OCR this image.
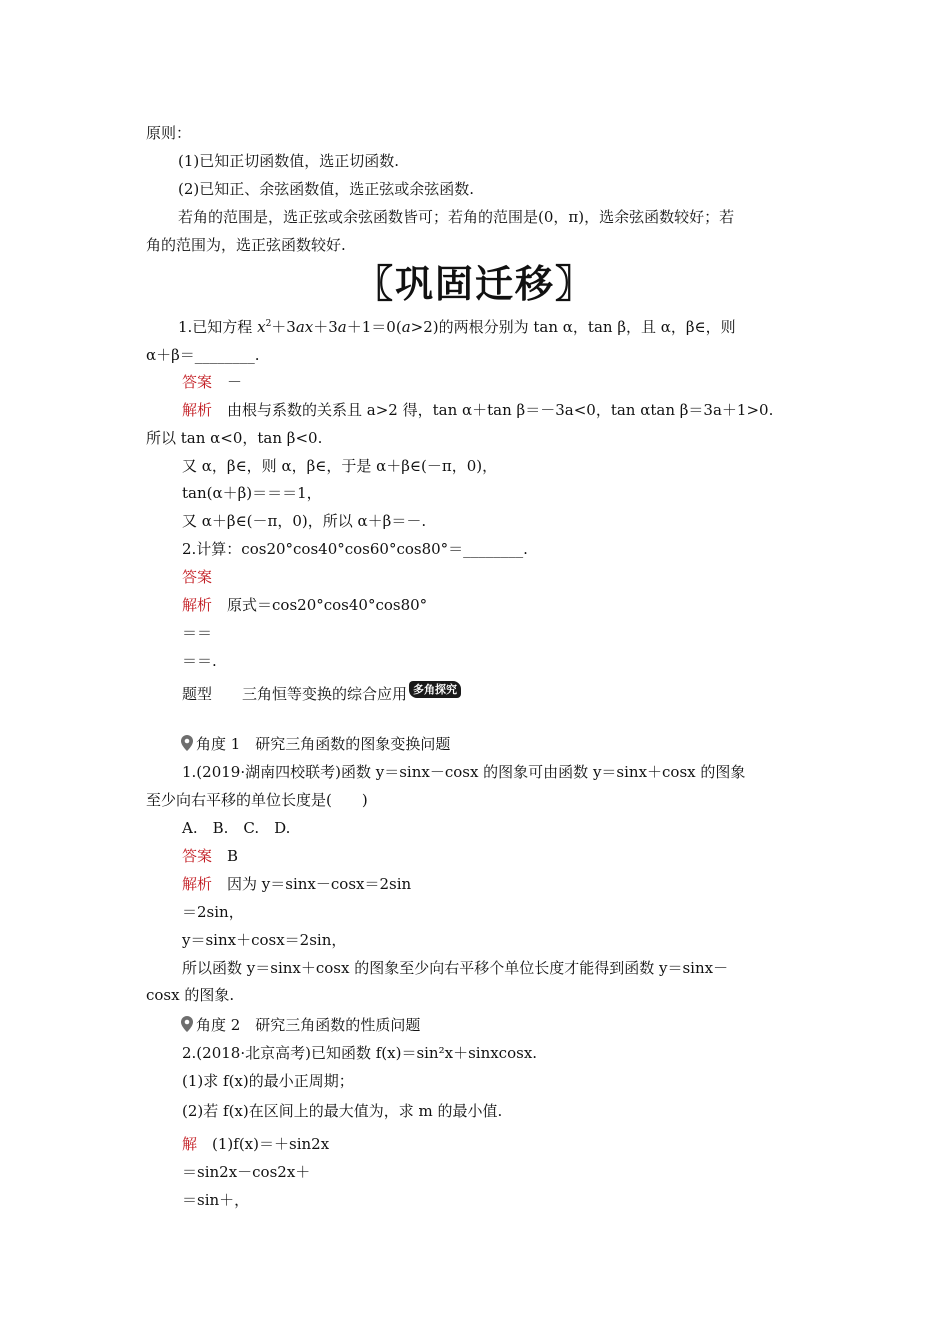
原则：
(1)已知正切函数值，选正切函数.
(2)已知正、余弦函数值，选正弦或余弦函数.
若角的范围是，选正弦或余弦函数皆可；若角的范围是(0，π)，选余弦函数较好；若
角的范围为，选正弦函数较好.
〖巩固迁移〗
1.已知方程 $x^2+3ax+3a+1=0(a>2)$的两根分别为 tan α，tan β，且 α，β∈，则
α＋β＝________.
答案　 －
解析　 由根与系数的关系且 a>2 得，tan α＋tan β＝－3a<0，tan αtan β＝3a＋1>0.
所以 tan α<0，tan β<0.
又 α，β∈，则 α，β∈，于是 α＋β∈(－π，0)，
tan(α＋β)＝＝＝1，
又 α＋β∈(－π，0)，所以 α＋β＝－.
2.计算：cos20°cos40°cos60°cos80°＝________.
答案
解析　 原式＝cos20°cos40°cos80°
＝＝
＝＝.
题型　　 三角恒等变换的综合应用 多角探究
角度 1　研究三角函数的图象变换问题
1.(2019·湖南四校联考)函数 y＝sinx－cosx 的图象可由函数 y＝sinx＋cosx 的图象
至少向右平移的单位长度是(　　)
A.　B.　C.　D.
答案　 B
解析　 因为 y＝sinx－cosx＝2sin
＝2sin，
y＝sinx＋cosx＝2sin，
所以函数 y＝sinx＋cosx 的图象至少向右平移个单位长度才能得到函数 y＝sinx－
cosx 的图象.
角度 2　研究三角函数的性质问题
2.(2018·北京高考)已知函数 f(x)＝sin²x＋sinxcosx.
(1)求 f(x)的最小正周期；
(2)若 f(x)在区间上的最大值为，求 m 的最小值.
解　 (1)f(x)＝＋sin2x
＝sin2x－cos2x＋
＝sin＋，
